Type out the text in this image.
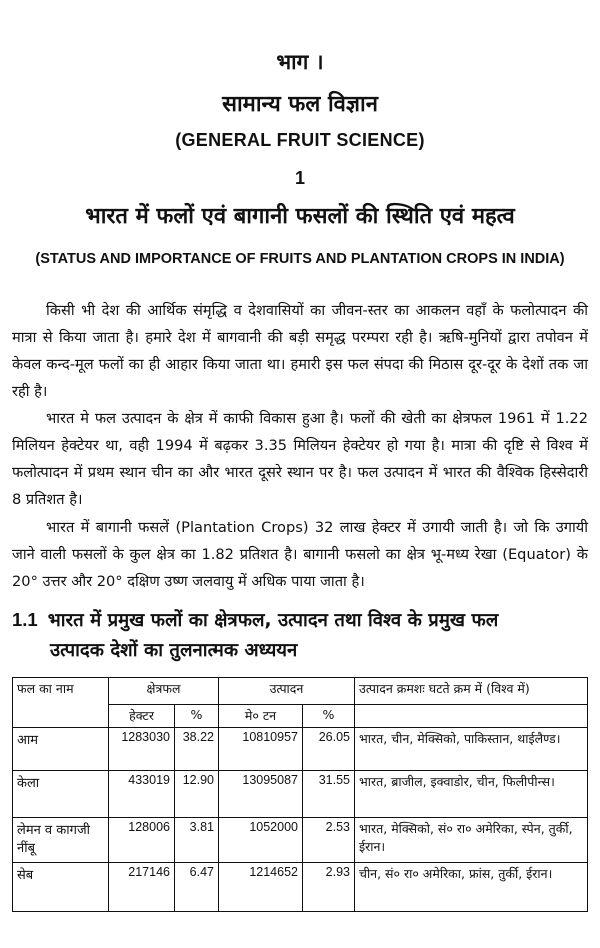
भाग ।
सामान्य फल विज्ञान
(GENERAL FRUIT SCIENCE)
1
भारत में फलों एवं बागानी फसलों की स्थिति एवं महत्व
(STATUS AND IMPORTANCE OF FRUITS AND PLANTATION CROPS IN INDIA)

किसी भी देश की आर्थिक संमृद्धि व देशवासियों का जीवन-स्तर का आकलन वहाँ के फलोत्पादन की मात्रा से किया जाता है। हमारे देश में बागवानी की बड़ी समृद्ध परम्परा रही है। ऋषि-मुनियों द्वारा तपोवन में केवल कन्द-मूल फलों का ही आहार किया जाता था। हमारी इस फल संपदा की मिठास दूर-दूर के देशों तक जा रही है।

भारत मे फल उत्पादन के क्षेत्र में काफी विकास हुआ है। फलों की खेती का क्षेत्रफल 1961 में 1.22 मिलियन हेक्टेयर था, वही 1994 में बढ़कर 3.35 मिलियन हेक्टेयर हो गया है। मात्रा की दृष्टि से विश्व में फलोत्पादन में प्रथम स्थान चीन का और भारत दूसरे स्थान पर है। फल उत्पादन में भारत की वैश्विक हिस्सेदारी 8 प्रतिशत है।

भारत में बागानी फसलें (Plantation Crops) 32 लाख हेक्टर में उगायी जाती है। जो कि उगायी जाने वाली फसलों के कुल क्षेत्र का 1.82 प्रतिशत है। बागानी फसलो का क्षेत्र भू-मध्य रेखा (Equator) के 20° उत्तर और 20° दक्षिण उष्ण जलवायु में अधिक पाया जाता है।

1.1 भारत में प्रमुख फलों का क्षेत्रफल, उत्पादन तथा विश्व के प्रमुख फल
उत्पादक देशों का तुलनात्मक अध्ययन
फल का नाम	क्षेत्रफल		उत्पादन		उत्पादन क्रमशः घटते क्रम में (विश्व में)
	हेक्टर	%	मे० टन	%	
आम	1283030	38.22	10810957	26.05	भारत, चीन, मेक्सिको, पाकिस्तान, थाईलैण्ड।
केला	433019	12.90	13095087	31.55	भारत, ब्राजील, इक्वाडोर, चीन, फिलीपीन्स।
लेमन व कागजी नींबू	128006	3.81	1052000	2.53	भारत, मेक्सिको, सं० रा० अमेरिका, स्पेन, तुर्की, ईरान।
सेब	217146	6.47	1214652	2.93	चीन, सं० रा० अमेरिका, फ्रांस, तुर्की, ईरान।
